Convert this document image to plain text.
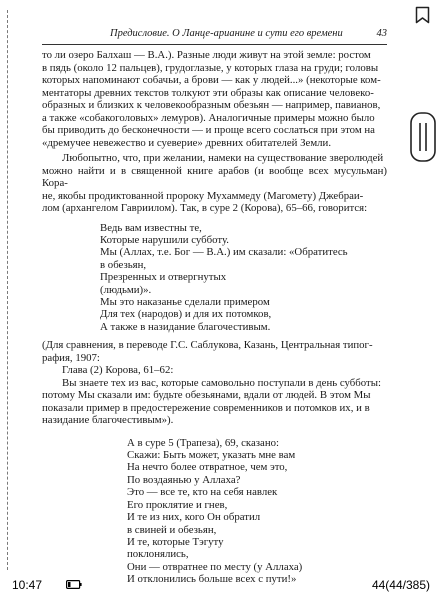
Предисловие. О Ланце-арианине и сути его времени	43

то ли озеро Балхаш — В.А.). Разные люди живут на этой земле: ростом
в пядь (около 12 пальцев), грудоглазые, у которых глаза на груди; головы
которых напоминают собачьи, а брови — как у людей...» (некоторые ком-
ментаторы древних текстов толкуют эти образы как описание человеко-
образных и близких к человекообразным обезьян — например, павианов,
а также «собакоголовых» лемуров). Аналогичные примеры можно было
бы приводить до бесконечности — и проще всего сослаться при этом на
«дремучее невежество и суеверие» древних обитателей Земли.

Любопытно, что, при желании, намеки на существование зверолюдей
можно найти и в священной книге арабов (и вообще всех мусульман) Кора-
не, якобы продиктованной пророку Мухаммеду (Магомету) Джебраи-
лом (архангелом Гавриилом). Так, в суре 2 (Корова), 65–66, говорится:

Ведь вам известны те,
Которые нарушили субботу.
Мы (Аллах, т.е. Бог — В.А.) им сказали: «Обратитесь
в обезьян,
Презренных и отвергнутых
(людьми)».
Мы это наказанье сделали примером
Для тех (народов) и для их потомков,
А также в назидание благочестивым.

(Для сравнения, в переводе Г.С. Саблукова, Казань, Центральная типог-
рафия, 1907:
Глава (2) Корова, 61–62:
Вы знаете тех из вас, которые самовольно поступали в день субботы:
потому Мы сказали им: будьте обезьянами, вдали от людей. В этом Мы
показали пример в предостережение современников и потомков их, и в
назидание благочестивым»).

А в суре 5 (Трапеза), 69, сказано:
Скажи: Быть может, указать мне вам
На нечто более отвратное, чем это,
По воздаянью у Аллаха?
Это — все те, кто на себя навлек
Его проклятие и гнев,
И те из них, кого Он обратил
в свиней и обезьян,
И те, которые Тэгуту
поклонялись,
Они — отвратнее по месту (у Аллаха)
И отклонились больше всех с пути!»
10:47	44(44/385)
